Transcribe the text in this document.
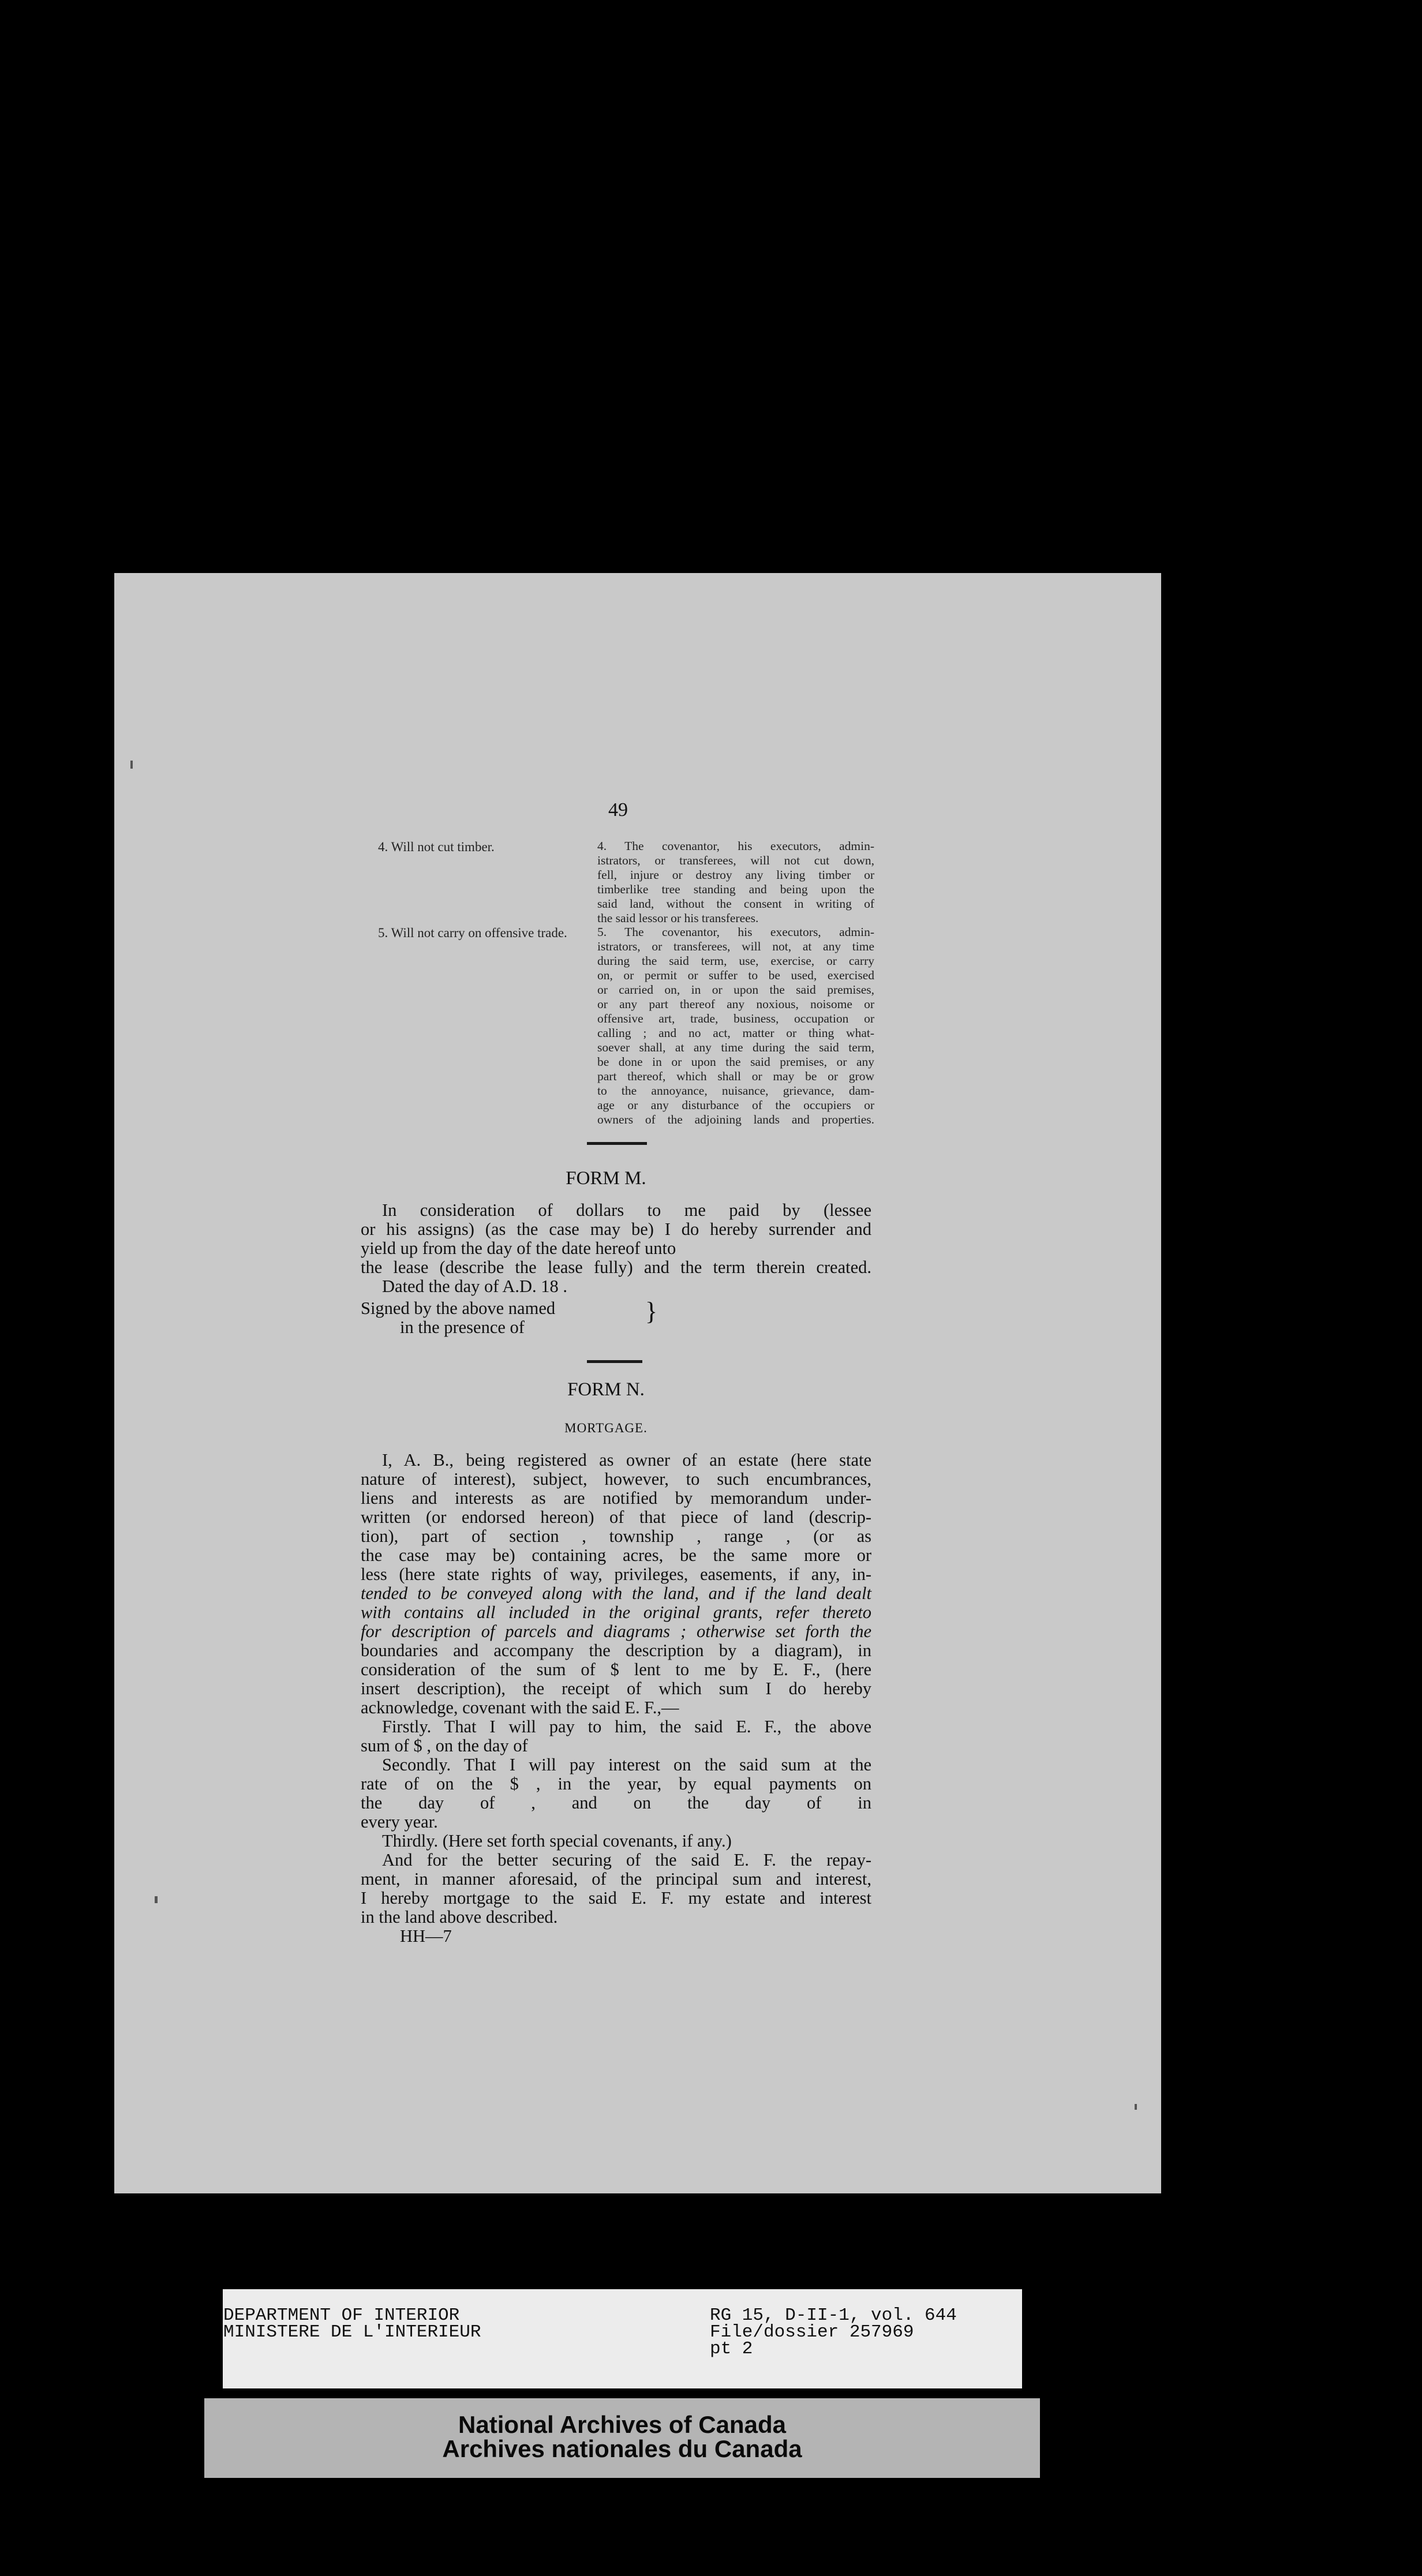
49
4. Will not cut timber.	4. The covenantor, his executors, admin-
istrators, or transferees, will not cut down,
fell, injure or destroy any living timber or
timberlike tree standing and being upon the
said land, without the consent in writing of
the said lessor or his transferees.
5. Will not carry on offensive trade. 5. The covenantor, his executors, admin-
istrators, or transferees, will not, at any time
during the said term, use, exercise, or carry
on, or permit or suffer to be used, exercised
or carried on, in or upon the said premises,
or any part thereof any noxious, noisome or
offensive art, trade, business, occupation or
calling ; and no act, matter or thing what-
soever shall, at any time during the said term,
be done in or upon the said premises, or any
part thereof, which shall or may be or grow
to the annoyance, nuisance, grievance, dam-
age or any disturbance of the occupiers or
owners of the adjoining lands and properties.
FORM M.
In consideration of dollars to me paid by (lessee
or his assigns) (as the case may be) I do hereby surrender and
yield up from the day of the date hereof unto
the lease (describe the lease fully) and the term therein created.
Dated the day of A.D. 18 .
Signed by the above named
in the presence of
}
FORM N.
MORTGAGE.
I, A. B., being registered as owner of an estate (here state
nature of interest), subject, however, to such encumbrances,
liens and interests as are notified by memorandum under-
written (or endorsed hereon) of that piece of land (descrip-
tion), part of section , township , range , (or as
the case may be) containing acres, be the same more or
less (here state rights of way, privileges, easements, if any, in-
tended to be conveyed along with the land, and if the land dealt
with contains all included in the original grants, refer thereto
for description of parcels and diagrams ; otherwise set forth the
boundaries and accompany the description by a diagram), in
consideration of the sum of $ lent to me by E. F., (here
insert description), the receipt of which sum I do hereby
acknowledge, covenant with the said E. F.,—
Firstly. That I will pay to him, the said E. F., the above
sum of $ , on the day of
Secondly. That I will pay interest on the said sum at the
rate of on the $ , in the year, by equal payments on
the day of , and on the day of in
every year.
Thirdly. (Here set forth special covenants, if any.)
And for the better securing of the said E. F. the repay-
ment, in manner aforesaid, of the principal sum and interest,
I hereby mortgage to the said E. F. my estate and interest
in the land above described.
HH—7
DEPARTMENT OF INTERIOR
MINISTERE DE L'INTERIEUR
RG 15, D-II-1, vol. 644
File/dossier 257969
pt 2
National Archives of Canada
Archives nationales du Canada
